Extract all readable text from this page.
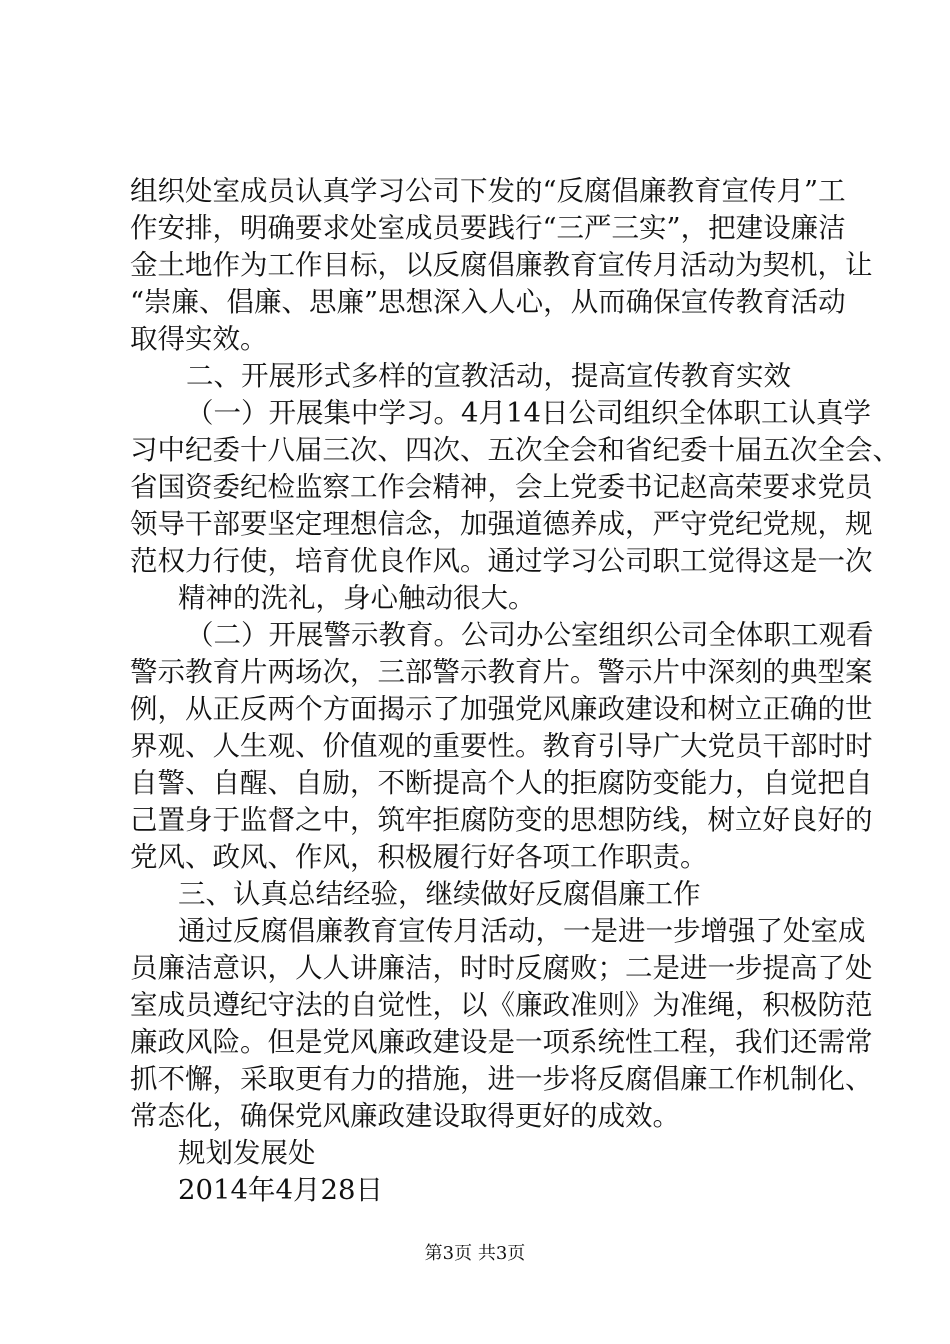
组织处室成员认真学习公司下发的“反腐倡廉教育宣传月”工
作安排，明确要求处室成员要践行“三严三实”，把建设廉洁
金土地作为工作目标，以反腐倡廉教育宣传月活动为契机，让
“崇廉、倡廉、思廉”思想深入人心，从而确保宣传教育活动
取得实效。
二、开展形式多样的宣教活动，提高宣传教育实效
（一）开展集中学习。4月14日公司组织全体职工认真学
习中纪委十八届三次、四次、五次全会和省纪委十届五次全会、
省国资委纪检监察工作会精神，会上党委书记赵高荣要求党员
领导干部要坚定理想信念，加强道德养成，严守党纪党规，规
范权力行使，培育优良作风。通过学习公司职工觉得这是一次
精神的洗礼，身心触动很大。
（二）开展警示教育。公司办公室组织公司全体职工观看
警示教育片两场次，三部警示教育片。警示片中深刻的典型案
例，从正反两个方面揭示了加强党风廉政建设和树立正确的世
界观、人生观、价值观的重要性。教育引导广大党员干部时时
自警、自醒、自励，不断提高个人的拒腐防变能力，自觉把自
己置身于监督之中，筑牢拒腐防变的思想防线，树立好良好的
党风、政风、作风，积极履行好各项工作职责。
三、认真总结经验，继续做好反腐倡廉工作
通过反腐倡廉教育宣传月活动，一是进一步增强了处室成
员廉洁意识，人人讲廉洁，时时反腐败；二是进一步提高了处
室成员遵纪守法的自觉性，以《廉政准则》为准绳，积极防范
廉政风险。但是党风廉政建设是一项系统性工程，我们还需常
抓不懈，采取更有力的措施，进一步将反腐倡廉工作机制化、
常态化，确保党风廉政建设取得更好的成效。
规划发展处
2014年4月28日
第3页 共3页
